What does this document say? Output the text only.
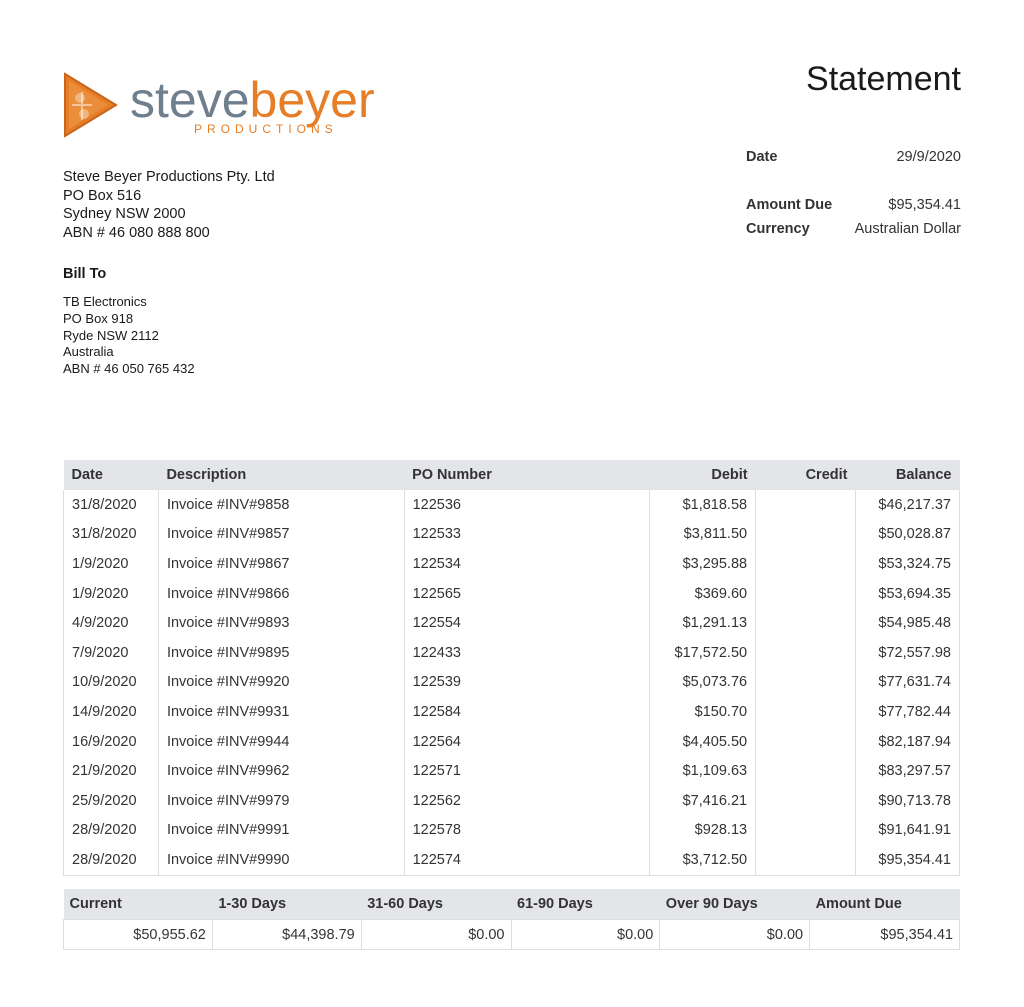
stevebeyer
PRODUCTIONS
Statement
Steve Beyer Productions Pty. Ltd
PO Box 516
Sydney NSW 2000
ABN # 46 080 888 800
Date	29/9/2020
Amount Due	$95,354.41
Currency	Australian Dollar
Bill To
TB Electronics
PO Box 918
Ryde NSW 2112
Australia
ABN # 46 050 765 432
Date	Description	PO Number	Debit	Credit	Balance
31/8/2020	Invoice #INV#9858	122536	$1,818.58		$46,217.37
31/8/2020	Invoice #INV#9857	122533	$3,811.50		$50,028.87
1/9/2020	Invoice #INV#9867	122534	$3,295.88		$53,324.75
1/9/2020	Invoice #INV#9866	122565	$369.60		$53,694.35
4/9/2020	Invoice #INV#9893	122554	$1,291.13		$54,985.48
7/9/2020	Invoice #INV#9895	122433	$17,572.50		$72,557.98
10/9/2020	Invoice #INV#9920	122539	$5,073.76		$77,631.74
14/9/2020	Invoice #INV#9931	122584	$150.70		$77,782.44
16/9/2020	Invoice #INV#9944	122564	$4,405.50		$82,187.94
21/9/2020	Invoice #INV#9962	122571	$1,109.63		$83,297.57
25/9/2020	Invoice #INV#9979	122562	$7,416.21		$90,713.78
28/9/2020	Invoice #INV#9991	122578	$928.13		$91,641.91
28/9/2020	Invoice #INV#9990	122574	$3,712.50		$95,354.41
Current	1-30 Days	31-60 Days	61-90 Days	Over 90 Days	Amount Due
$50,955.62	$44,398.79	$0.00	$0.00	$0.00	$95,354.41
